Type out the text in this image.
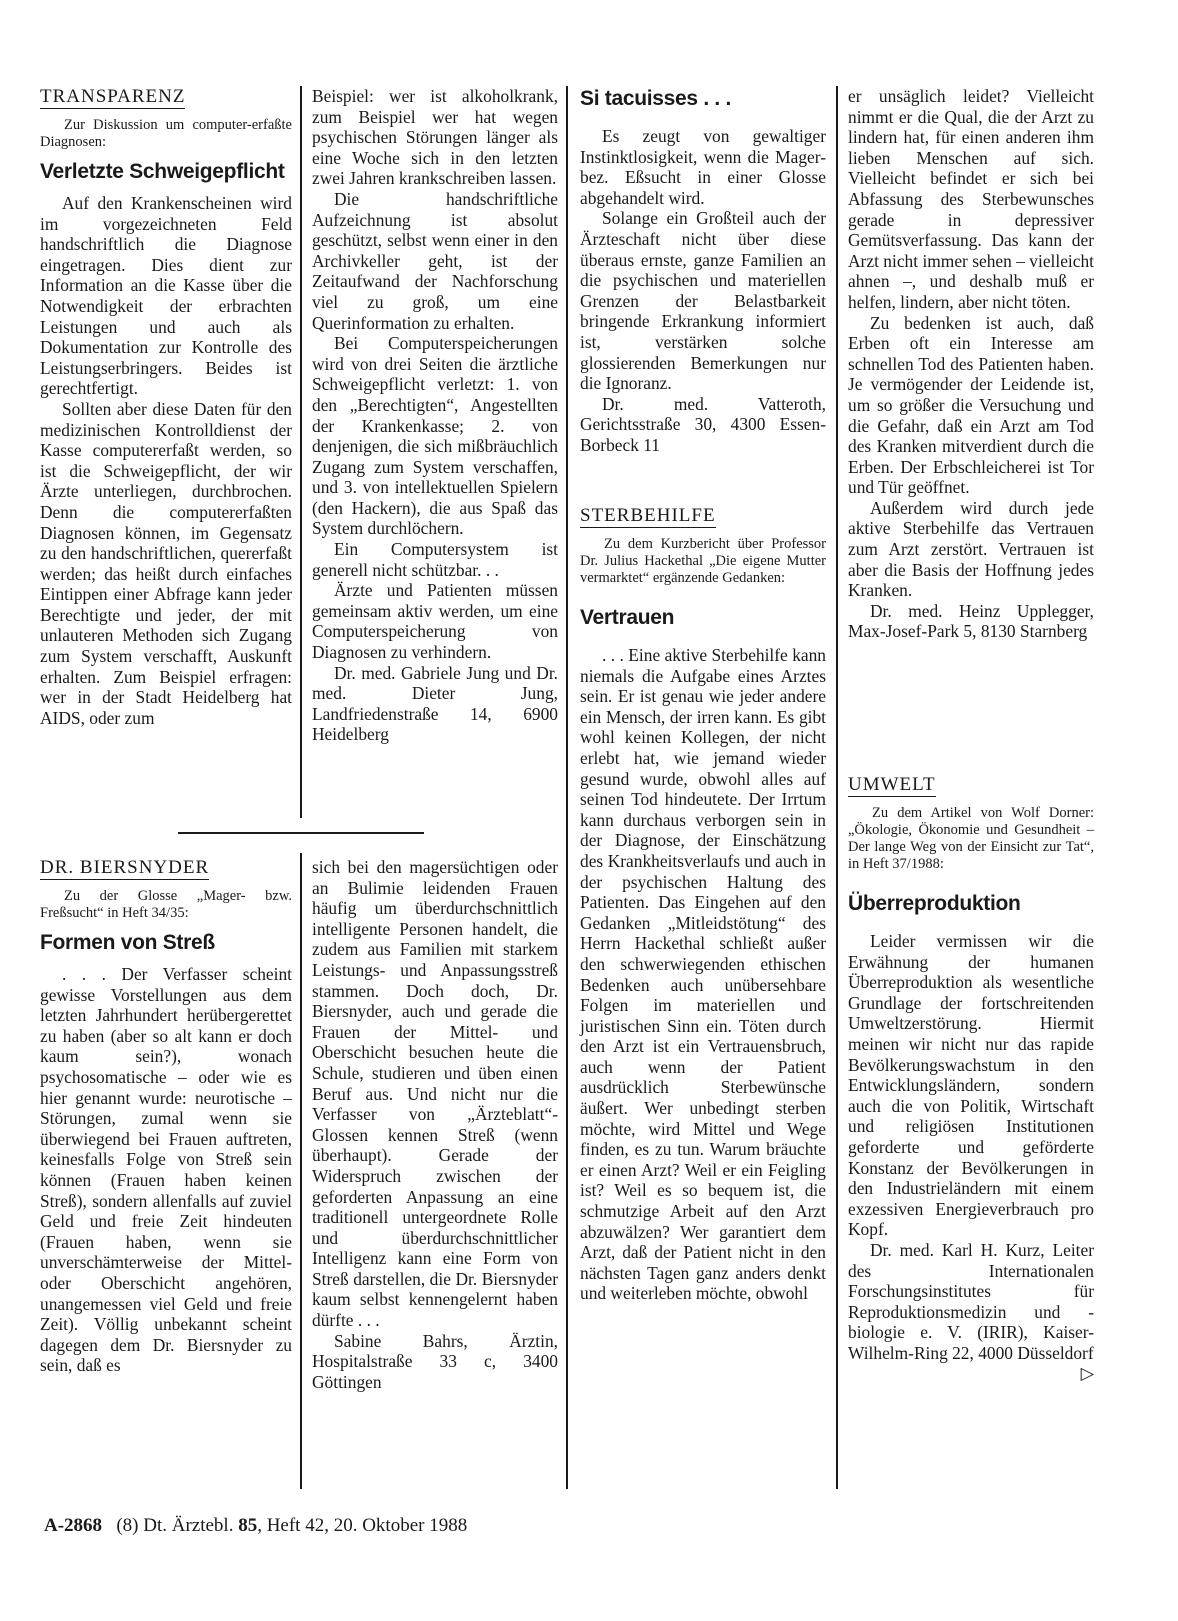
TRANSPARENZ
Zur Diskussion um computer-erfaßte Diagnosen:
Verletzte Schweigepflicht

Auf den Krankenscheinen wird im vorgezeichneten Feld handschriftlich die Diagnose eingetragen. Dies dient zur Information an die Kasse über die Notwendigkeit der erbrachten Leistungen und auch als Dokumentation zur Kontrolle des Leistungserbringers. Beides ist gerechtfertigt.

Sollten aber diese Daten für den medizinischen Kontrolldienst der Kasse computererfaßt werden, so ist die Schweigepflicht, der wir Ärzte unterliegen, durchbrochen. Denn die computererfaßten Diagnosen können, im Gegensatz zu den handschriftlichen, quererfaßt werden; das heißt durch einfaches Eintippen einer Abfrage kann jeder Berechtigte und jeder, der mit unlauteren Methoden sich Zugang zum System verschafft, Auskunft erhalten. Zum Beispiel erfragen: wer in der Stadt Heidelberg hat AIDS, oder zum

Beispiel: wer ist alkoholkrank, zum Beispiel wer hat wegen psychischen Störungen länger als eine Woche sich in den letzten zwei Jahren krankschreiben lassen.

Die handschriftliche Aufzeichnung ist absolut geschützt, selbst wenn einer in den Archivkeller geht, ist der Zeitaufwand der Nachforschung viel zu groß, um eine Querinformation zu erhalten.

Bei Computerspeicherungen wird von drei Seiten die ärztliche Schweigepflicht verletzt: 1. von den „Berechtigten“, Angestellten der Krankenkasse; 2. von denjenigen, die sich mißbräuchlich Zugang zum System verschaffen, und 3. von intellektuellen Spielern (den Hackern), die aus Spaß das System durchlöchern.

Ein Computersystem ist generell nicht schützbar. . .

Ärzte und Patienten müssen gemeinsam aktiv werden, um eine Computerspeicherung von Diagnosen zu verhindern.

Dr. med. Gabriele Jung und Dr. med. Dieter Jung, Landfriedenstraße 14, 6900 Heidelberg

DR. BIERSNYDER
Zu der Glosse „Mager- bzw. Freßsucht“ in Heft 34/35:
Formen von Streß

. . . Der Verfasser scheint gewisse Vorstellungen aus dem letzten Jahrhundert herübergerettet zu haben (aber so alt kann er doch kaum sein?), wonach psychosomatische – oder wie es hier genannt wurde: neurotische – Störungen, zumal wenn sie überwiegend bei Frauen auftreten, keinesfalls Folge von Streß sein können (Frauen haben keinen Streß), sondern allenfalls auf zuviel Geld und freie Zeit hindeuten (Frauen haben, wenn sie unverschämterweise der Mittel- oder Oberschicht angehören, unangemessen viel Geld und freie Zeit). Völlig unbekannt scheint dagegen dem Dr. Biersnyder zu sein, daß es

sich bei den magersüchtigen oder an Bulimie leidenden Frauen häufig um überdurchschnittlich intelligente Personen handelt, die zudem aus Familien mit starkem Leistungs- und Anpassungsstreß stammen. Doch doch, Dr. Biersnyder, auch und gerade die Frauen der Mittel- und Oberschicht besuchen heute die Schule, studieren und üben einen Beruf aus. Und nicht nur die Verfasser von „Ärzteblatt“-Glossen kennen Streß (wenn überhaupt). Gerade der Widerspruch zwischen der geforderten Anpassung an eine traditionell untergeordnete Rolle und überdurchschnittlicher Intelligenz kann eine Form von Streß darstellen, die Dr. Biersnyder kaum selbst kennengelernt haben dürfte . . .

Sabine Bahrs, Ärztin, Hospitalstraße 33 c, 3400 Göttingen

Si tacuisses . . .

Es zeugt von gewaltiger Instinktlosigkeit, wenn die Mager- bez. Eßsucht in einer Glosse abgehandelt wird.

Solange ein Großteil auch der Ärzteschaft nicht über diese überaus ernste, ganze Familien an die psychischen und materiellen Grenzen der Belastbarkeit bringende Erkrankung informiert ist, verstärken solche glossierenden Bemerkungen nur die Ignoranz.

Dr. med. Vatteroth, Gerichtsstraße 30, 4300 Essen-Borbeck 11

STERBEHILFE
Zu dem Kurzbericht über Professor Dr. Julius Hackethal „Die eigene Mutter vermarktet“ ergänzende Gedanken:
Vertrauen

. . . Eine aktive Sterbehilfe kann niemals die Aufgabe eines Arztes sein. Er ist genau wie jeder andere ein Mensch, der irren kann. Es gibt wohl keinen Kollegen, der nicht erlebt hat, wie jemand wieder gesund wurde, obwohl alles auf seinen Tod hindeutete. Der Irrtum kann durchaus verborgen sein in der Diagnose, der Einschätzung des Krankheitsverlaufs und auch in der psychischen Haltung des Patienten. Das Eingehen auf den Gedanken „Mitleidstötung“ des Herrn Hackethal schließt außer den schwerwiegenden ethischen Bedenken auch unübersehbare Folgen im materiellen und juristischen Sinn ein. Töten durch den Arzt ist ein Vertrauensbruch, auch wenn der Patient ausdrücklich Sterbewünsche äußert. Wer unbedingt sterben möchte, wird Mittel und Wege finden, es zu tun. Warum bräuchte er einen Arzt? Weil er ein Feigling ist? Weil es so bequem ist, die schmutzige Arbeit auf den Arzt abzuwälzen? Wer garantiert dem Arzt, daß der Patient nicht in den nächsten Tagen ganz anders denkt und weiterleben möchte, obwohl

er unsäglich leidet? Vielleicht nimmt er die Qual, die der Arzt zu lindern hat, für einen anderen ihm lieben Menschen auf sich. Vielleicht befindet er sich bei Abfassung des Sterbewunsches gerade in depressiver Gemütsverfassung. Das kann der Arzt nicht immer sehen – vielleicht ahnen –, und deshalb muß er helfen, lindern, aber nicht töten.

Zu bedenken ist auch, daß Erben oft ein Interesse am schnellen Tod des Patienten haben. Je vermögender der Leidende ist, um so größer die Versuchung und die Gefahr, daß ein Arzt am Tod des Kranken mitverdient durch die Erben. Der Erbschleicherei ist Tor und Tür geöffnet.

Außerdem wird durch jede aktive Sterbehilfe das Vertrauen zum Arzt zerstört. Vertrauen ist aber die Basis der Hoffnung jedes Kranken.

Dr. med. Heinz Upplegger, Max-Josef-Park 5, 8130 Starnberg

UMWELT
Zu dem Artikel von Wolf Dorner: „Ökologie, Ökonomie und Gesundheit – Der lange Weg von der Einsicht zur Tat“, in Heft 37/1988:
Überreproduktion

Leider vermissen wir die Erwähnung der humanen Überreproduktion als wesentliche Grundlage der fortschreitenden Umweltzerstörung. Hiermit meinen wir nicht nur das rapide Bevölkerungswachstum in den Entwicklungsländern, sondern auch die von Politik, Wirtschaft und religiösen Institutionen geforderte und geförderte Konstanz der Bevölkerungen in den Industrieländern mit einem exzessiven Energieverbrauch pro Kopf.

Dr. med. Karl H. Kurz, Leiter des Internationalen Forschungsinstitutes für Reproduktionsmedizin und -biologie e. V. (IRIR), Kaiser-Wilhelm-Ring 22, 4000 Düsseldorf
▷

A-2868 (8) Dt. Ärztebl. 85, Heft 42, 20. Oktober 1988
